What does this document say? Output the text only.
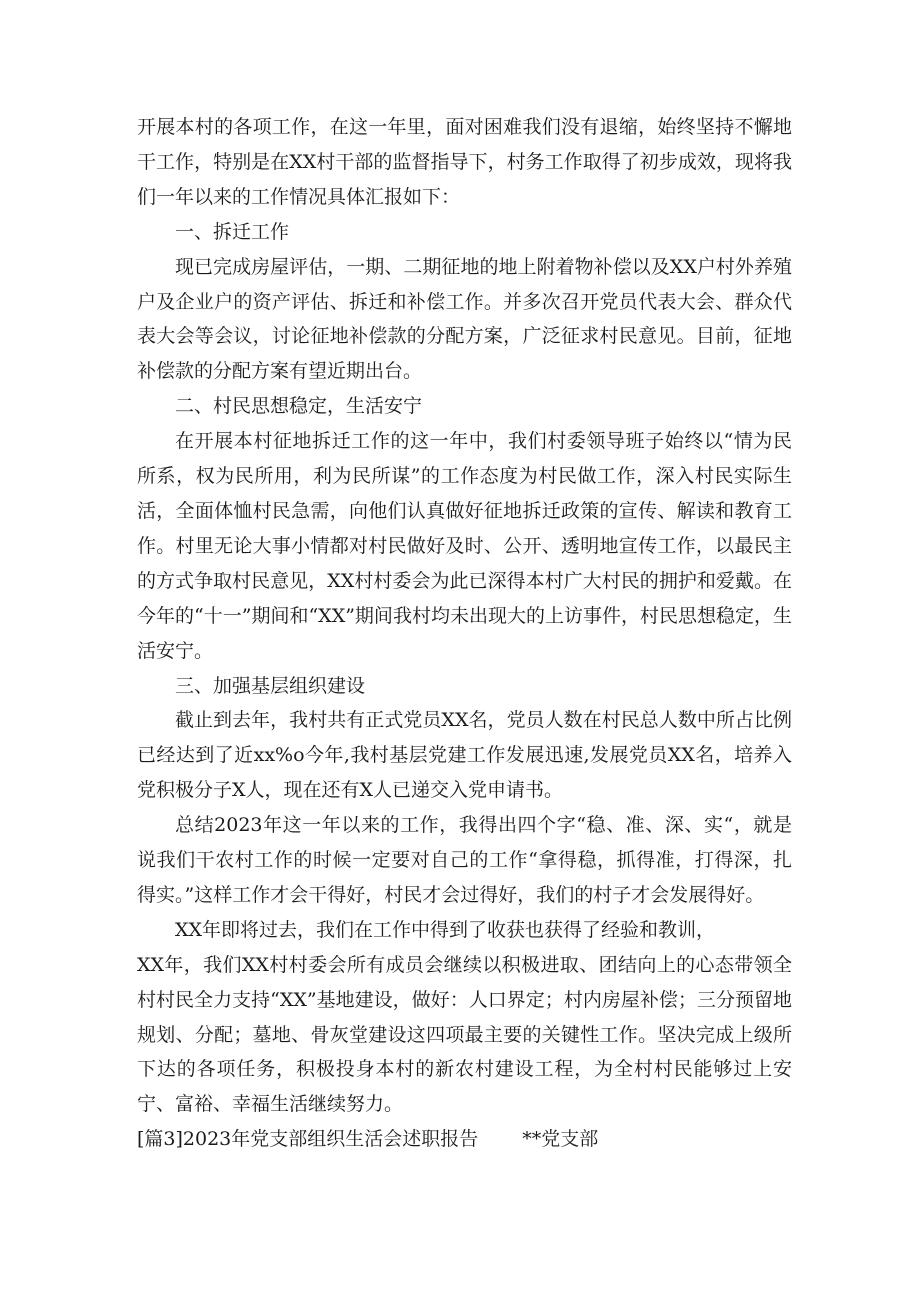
开展本村的各项工作，在这一年里，面对困难我们没有退缩，始终坚持不懈地干工作，特别是在XX村干部的监督指导下，村务工作取得了初步成效，现将我们一年以来的工作情况具体汇报如下：

一、拆迁工作

现已完成房屋评估，一期、二期征地的地上附着物补偿以及XX户村外养殖户及企业户的资产评估、拆迁和补偿工作。并多次召开党员代表大会、群众代表大会等会议，讨论征地补偿款的分配方案，广泛征求村民意见。目前，征地补偿款的分配方案有望近期出台。

二、村民思想稳定，生活安宁

在开展本村征地拆迁工作的这一年中，我们村委领导班子始终以“情为民所系，权为民所用，利为民所谋”的工作态度为村民做工作，深入村民实际生活，全面体恤村民急需，向他们认真做好征地拆迁政策的宣传、解读和教育工作。村里无论大事小情都对村民做好及时、公开、透明地宣传工作，以最民主的方式争取村民意见，XX村村委会为此已深得本村广大村民的拥护和爱戴。在今年的“十一”期间和“XX”期间我村均未出现大的上访事件，村民思想稳定，生活安宁。

三、加强基层组织建设

截止到去年，我村共有正式党员XX名，党员人数在村民总人数中所占比例已经达到了近xx%o今年,我村基层党建工作发展迅速,发展党员XX名，培养入党积极分子X人，现在还有X人已递交入党申请书。

总结2023年这一年以来的工作，我得出四个字“稳、准、深、实“，就是说我们干农村工作的时候一定要对自己的工作“拿得稳，抓得准，打得深，扎得实。”这样工作才会干得好，村民才会过得好，我们的村子才会发展得好。

XX年即将过去，我们在工作中得到了收获也获得了经验和教训，

XX年，我们XX村村委会所有成员会继续以积极进取、团结向上的心态带领全村村民全力支持“XX”基地建设，做好：人口界定；村内房屋补偿；三分预留地规划、分配；墓地、骨灰堂建设这四项最主要的关键性工作。坚决完成上级所下达的各项任务，积极投身本村的新农村建设工程，为全村村民能够过上安宁、富裕、幸福生活继续努力。

[篇3]2023年党支部组织生活会述职报告 **党支部
